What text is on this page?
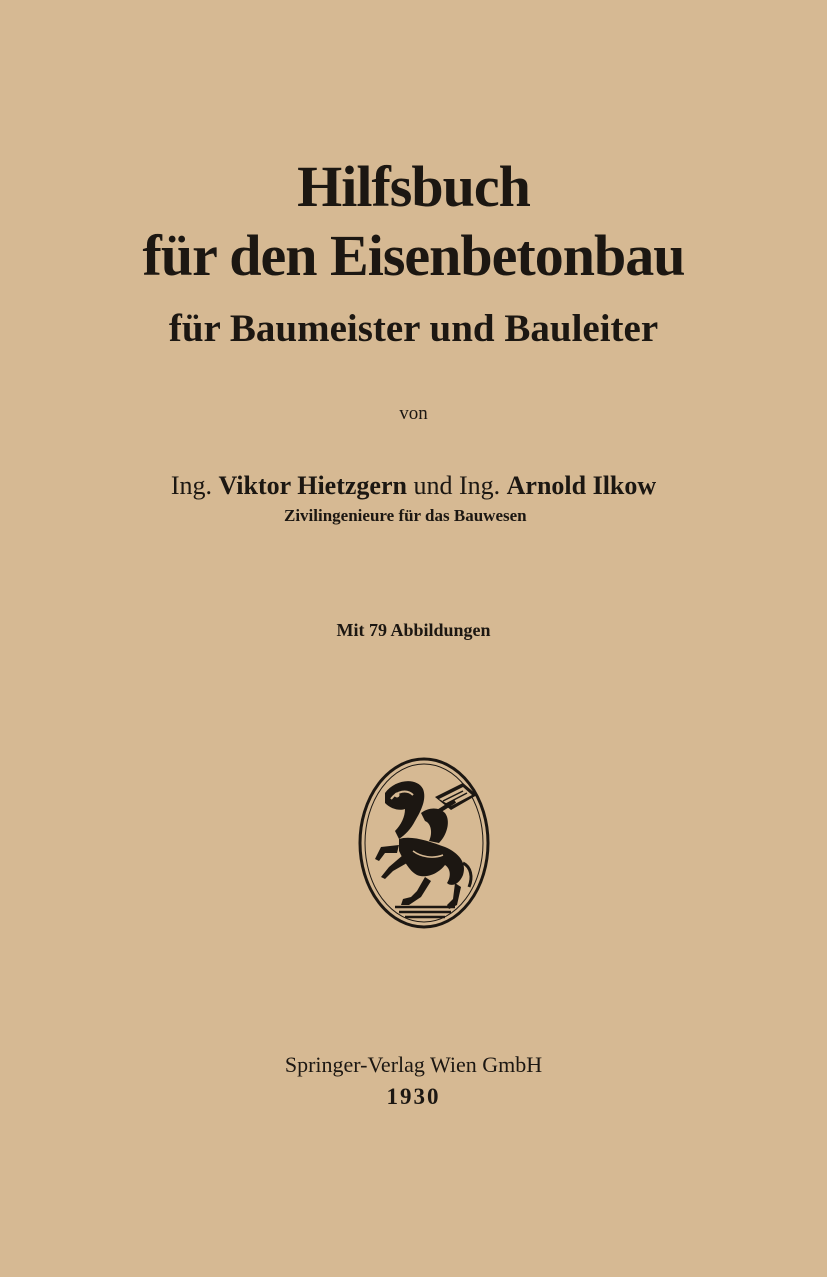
Hilfsbuch
für den Eisenbetonbau
für Baumeister und Bauleiter
von
Ing. Viktor Hietzgern und Ing. Arnold Ilkow
Zivilingenieure für das Bauwesen
Mit 79 Abbildungen
Springer-Verlag Wien GmbH
1930
